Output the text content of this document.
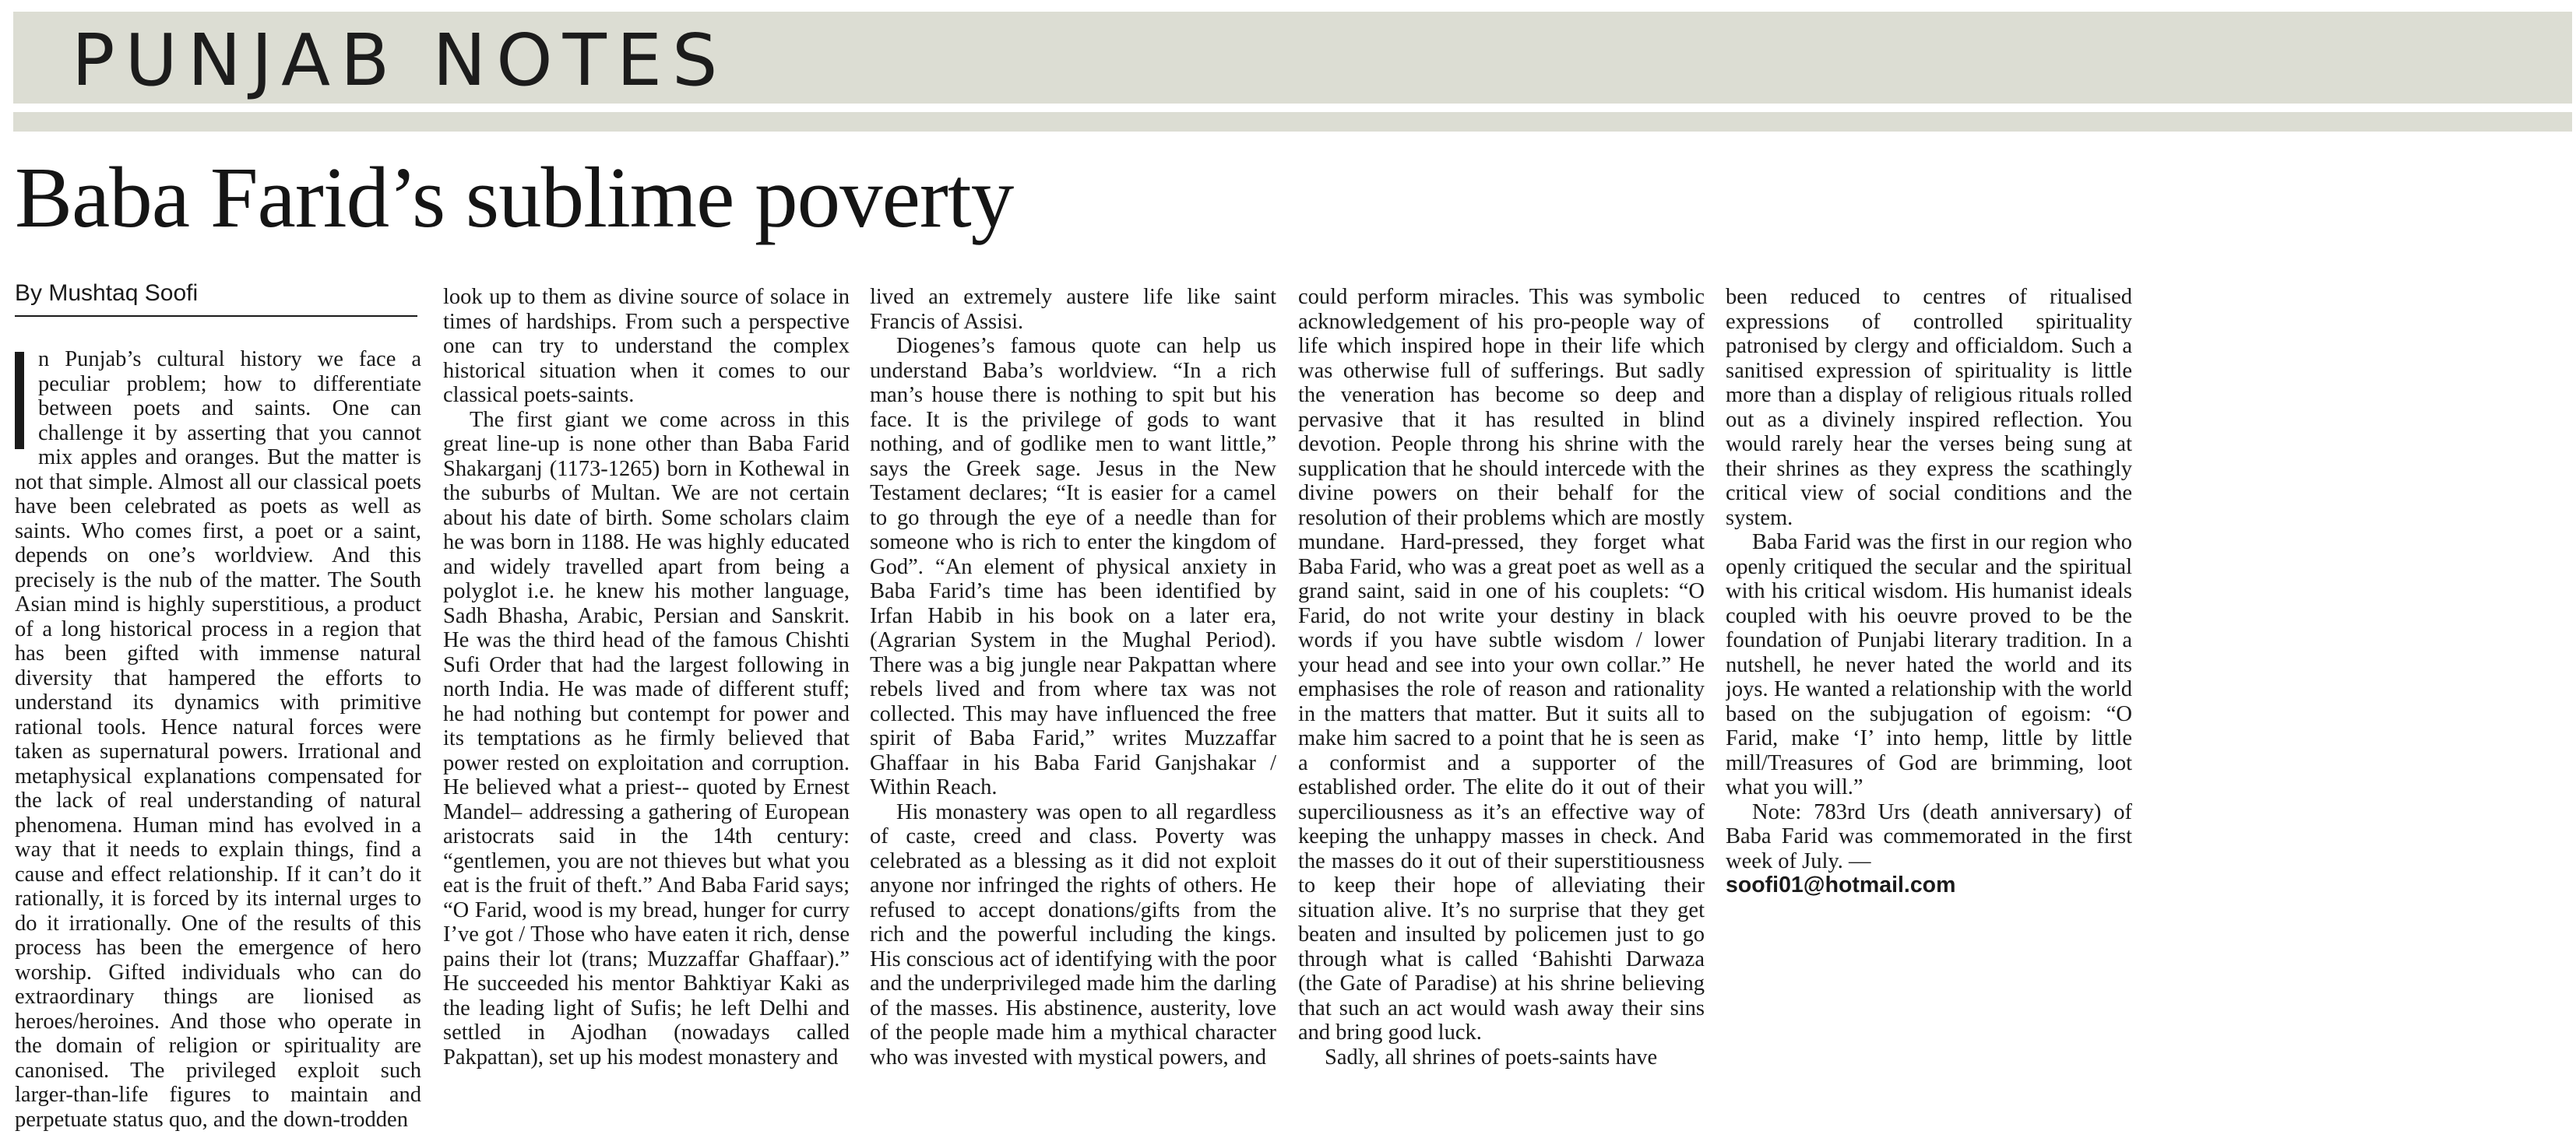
PUNJAB NOTES
Baba Farid’s sublime poverty
By Mushtaq Soofi

n Punjab’s cultural history we face a peculiar problem; how to differentiate between poets and saints. One can challenge it by asserting that you cannot mix apples and oranges. But the matter is not that simple. Almost all our classical poets have been celebrated as poets as well as saints. Who comes first, a poet or a saint, depends on one’s worldview. And this precisely is the nub of the matter. The South Asian mind is highly superstitious, a product of a long historical process in a region that has been gifted with immense natural diversity that hampered the efforts to understand its dynamics with primitive rational tools. Hence natural forces were taken as supernatural powers. Irrational and metaphysical explanations compensated for the lack of real understanding of natural phenomena. Human mind has evolved in a way that it needs to explain things, find a cause and effect relationship. If it can’t do it rationally, it is forced by its internal urges to do it irrationally. One of the results of this process has been the emergence of hero worship. Gifted individuals who can do extraordinary things are lionised as heroes/heroines. And those who operate in the domain of religion or spirituality are canonised. The privileged exploit such larger-than-life figures to maintain and perpetuate status quo, and the down-trodden

look up to them as divine source of solace in times of hardships. From such a perspective one can try to understand the complex historical situation when it comes to our classical poets-saints.

The first giant we come across in this great line-up is none other than Baba Farid Shakarganj (1173-1265) born in Kothewal in the suburbs of Multan. We are not certain about his date of birth. Some scholars claim he was born in 1188. He was highly educated and widely travelled apart from being a polyglot i.e. he knew his mother language, Sadh Bhasha, Arabic, Persian and Sanskrit. He was the third head of the famous Chishti Sufi Order that had the largest following in north India. He was made of different stuff; he had nothing but contempt for power and its temptations as he firmly believed that power rested on exploitation and corruption. He believed what a priest-- quoted by Ernest Mandel– addressing a gathering of European aristocrats said in the 14th century: “gentlemen, you are not thieves but what you eat is the fruit of theft.” And Baba Farid says; “O Farid, wood is my bread, hunger for curry I’ve got / Those who have eaten it rich, dense pains their lot (trans; Muzzaffar Ghaffaar).” He succeeded his mentor Bahktiyar Kaki as the leading light of Sufis; he left Delhi and settled in Ajodhan (nowadays called Pakpattan), set up his modest monastery and

lived an extremely austere life like saint Francis of Assisi.

Diogenes’s famous quote can help us understand Baba’s worldview. “In a rich man’s house there is nothing to spit but his face. It is the privilege of gods to want nothing, and of godlike men to want little,” says the Greek sage. Jesus in the New Testament declares; “It is easier for a camel to go through the eye of a needle than for someone who is rich to enter the kingdom of God”. “An element of physical anxiety in Baba Farid’s time has been identified by Irfan Habib in his book on a later era, (Agrarian System in the Mughal Period). There was a big jungle near Pakpattan where rebels lived and from where tax was not collected. This may have influenced the free spirit of Baba Farid,” writes Muzzaffar Ghaffaar in his Baba Farid Ganjshakar / Within Reach.

His monastery was open to all regardless of caste, creed and class. Poverty was celebrated as a blessing as it did not exploit anyone nor infringed the rights of others. He refused to accept donations/gifts from the rich and the powerful including the kings. His conscious act of identifying with the poor and the underprivileged made him the darling of the masses. His abstinence, austerity, love of the people made him a mythical character who was invested with mystical powers, and

could perform miracles. This was symbolic acknowledgement of his pro-people way of life which inspired hope in their life which was otherwise full of sufferings. But sadly the veneration has become so deep and pervasive that it has resulted in blind devotion. People throng his shrine with the supplication that he should intercede with the divine powers on their behalf for the resolution of their problems which are mostly mundane. Hard-pressed, they forget what Baba Farid, who was a great poet as well as a grand saint, said in one of his couplets: “O Farid, do not write your destiny in black words if you have subtle wisdom / lower your head and see into your own collar.” He emphasises the role of reason and rationality in the matters that matter. But it suits all to make him sacred to a point that he is seen as a conformist and a supporter of the established order. The elite do it out of their superciliousness as it’s an effective way of keeping the unhappy masses in check. And the masses do it out of their superstitiousness to keep their hope of alleviating their situation alive. It’s no surprise that they get beaten and insulted by policemen just to go through what is called ‘Bahishti Darwaza (the Gate of Paradise) at his shrine believing that such an act would wash away their sins and bring good luck.

Sadly, all shrines of poets-saints have

been reduced to centres of ritualised expressions of controlled spirituality patronised by clergy and officialdom. Such a sanitised expression of spirituality is little more than a display of religious rituals rolled out as a divinely inspired reflection. You would rarely hear the verses being sung at their shrines as they express the scathingly critical view of social conditions and the system.

Baba Farid was the first in our region who openly critiqued the secular and the spiritual with his critical wisdom. His humanist ideals coupled with his oeuvre proved to be the foundation of Punjabi literary tradition. In a nutshell, he never hated the world and its joys. He wanted a relationship with the world based on the subjugation of egoism: “O Farid, make ‘I’ into hemp, little by little mill/Treasures of God are brimming, loot what you will.”

Note: 783rd Urs (death anniversary) of Baba Farid was commemorated in the first week of July. —
soofi01@hotmail.com
